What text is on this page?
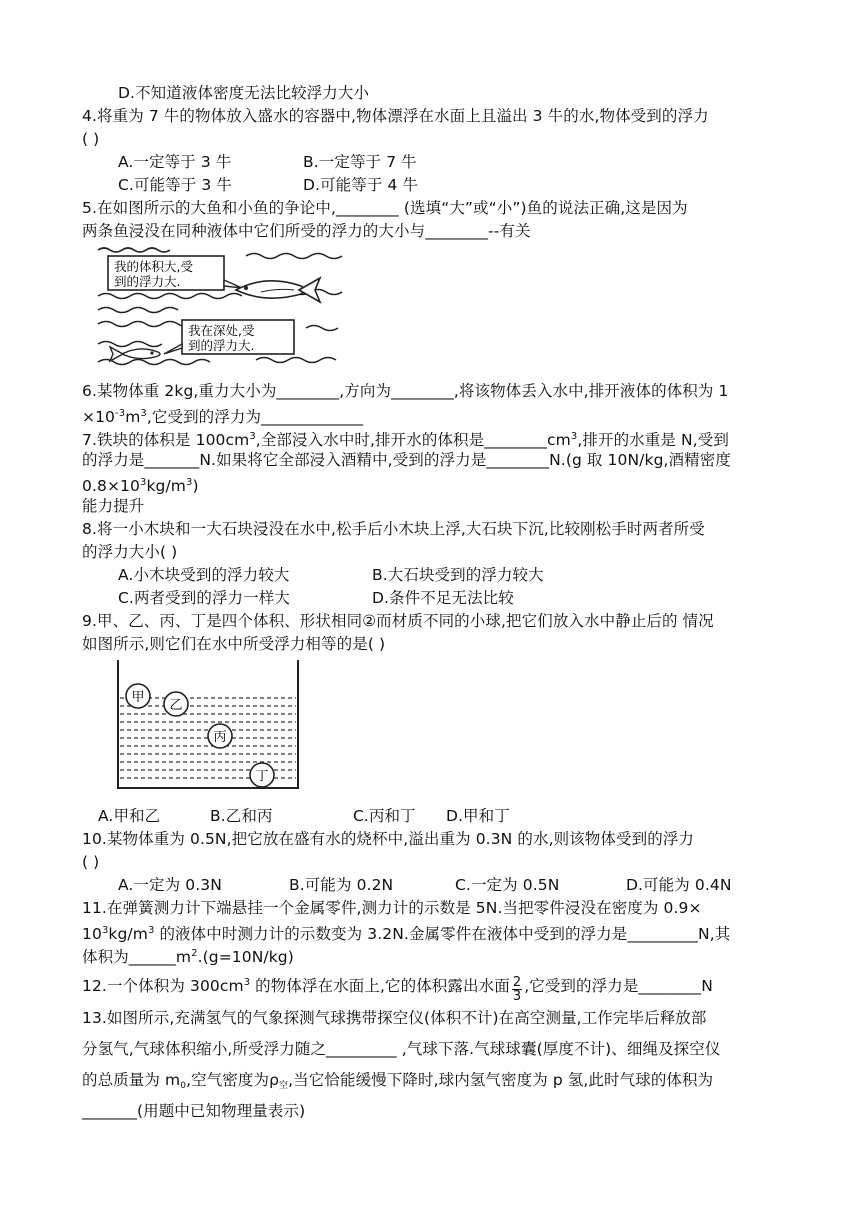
D.不知道液体密度无法比较浮力大小
4.将重为 7 牛的物体放入盛水的容器中,物体漂浮在水面上且溢出 3 牛的水,物体受到的浮力
( )
A.一定等于 3 牛	B.一定等于 7 牛
C.可能等于 3 牛	D.可能等于 4 牛
5.在如图所示的大鱼和小鱼的争论中,________ (选填“大”或“小”)鱼的说法正确,这是因为
两条鱼浸没在同种液体中它们所受的浮力的大小与________--有关
我的体积大,受
到的浮力大.
我在深处,受
到的浮力大.
6.某物体重 2kg,重力大小为________,方向为________,将该物体丢入水中,排开液体的体积为 1
$\times 10^{-3}m^3$,它受到的浮力为_____________
7.铁块的体积是 $100cm^3$,全部浸入水中时,排开水的体积是$\_\_\_\_\_\_\_\_cm^3$,排开的水重是 N,受到
的浮力是_______N.如果将它全部浸入酒精中,受到的浮力是________N.(g 取 10N/kg,酒精密度
$0.8\times 10^3kg/m^3$)
能力提升
8.将一小木块和一大石块浸没在水中,松手后小木块上浮,大石块下沉,比较刚松手时两者所受
的浮力大小( )
A.小木块受到的浮力较大	B.大石块受到的浮力较大
C.两者受到的浮力一样大	D.条件不足无法比较
9.甲、乙、丙、丁是四个体积、形状相同②而材质不同的小球,把它们放入水中静止后的 情况
如图所示,则它们在水中所受浮力相等的是( )
甲
乙
丙
丁
A.甲和乙	B.乙和丙	C.丙和丁 D.甲和丁
10.某物体重为 0.5N,把它放在盛有水的烧杯中,溢出重为 0.3N 的水,则该物体受到的浮力
( )
A.一定为 0.3N	B.可能为 0.2N	C.一定为 0.5N	D.可能为 0.4N
11.在弹簧测力计下端悬挂一个金属零件,测力计的示数是 5N.当把零件浸没在密度为 0.9×
$10^3kg/m^3$ 的液体中时测力计的示数变为 3.2N.金属零件在液体中受到的浮力是_________N,其
体积为$\_\_\_\_\_\_m^2.(g=10N/kg)$
12.一个体积为 $300cm^3$ 的物体浮在水面上,它的体积露出水面 $\frac{2}{3}$ ,它受到的浮力是________N
13.如图所示,充满氢气的气象探测气球携带探空仪(体积不计)在高空测量,工作完毕后释放部
分氢气,气球体积缩小,所受浮力随之_________ ,气球下落.气球球囊(厚度不计)、细绳及探空仪
的总质量为 $m_0$,空气密度为$\rho_空$,当它恰能缓慢下降时,球内氢气密度为 p 氢,此时气球的体积为
_______(用题中已知物理量表示)
